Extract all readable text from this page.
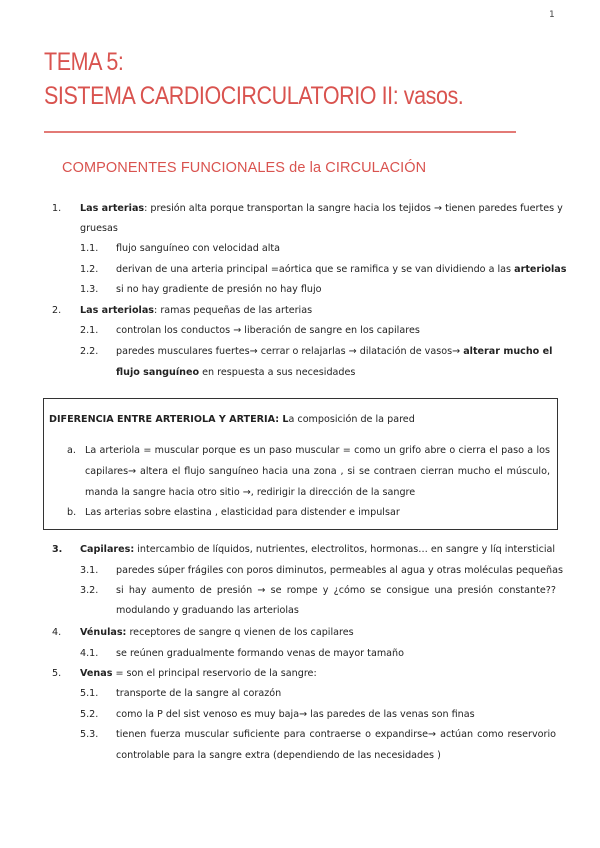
1
TEMA 5:
SISTEMA CARDIOCIRCULATORIO II: vasos.
COMPONENTES FUNCIONALES de la CIRCULACIÓN
1. Las arterias: presión alta porque transportan la sangre hacia los tejidos → tienen paredes fuertes y
gruesas
1.1. flujo sanguíneo con velocidad alta
1.2. derivan de una arteria principal =aórtica que se ramifica y se van dividiendo a las arteriolas
1.3. si no hay gradiente de presión no hay flujo
2. Las arteriolas: ramas pequeñas de las arterias
2.1. controlan los conductos → liberación de sangre en los capilares
2.2. paredes musculares fuertes→ cerrar o relajarlas → dilatación de vasos→ alterar mucho el
flujo sanguíneo en respuesta a sus necesidades
DIFERENCIA ENTRE ARTERIOLA Y ARTERIA: La composición de la pared
a. La arteriola = muscular porque es un paso muscular = como un grifo abre o cierra el paso a los
capilares→ altera el flujo sanguíneo hacia una zona , si se contraen cierran mucho el músculo,
manda la sangre hacia otro sitio →, redirigir la dirección de la sangre
b. Las arterias sobre elastina , elasticidad para distender e impulsar
3. Capilares: intercambio de líquidos, nutrientes, electrolitos, hormonas… en sangre y líq intersticial
3.1. paredes súper frágiles con poros diminutos, permeables al agua y otras moléculas pequeñas
3.2. si hay aumento de presión → se rompe y ¿cómo se consigue una presión constante??
modulando y graduando las arteriolas
4. Vénulas: receptores de sangre q vienen de los capilares
4.1. se reúnen gradualmente formando venas de mayor tamaño
5. Venas = son el principal reservorio de la sangre:
5.1. transporte de la sangre al corazón
5.2. como la P del sist venoso es muy baja→ las paredes de las venas son finas
5.3. tienen fuerza muscular suficiente para contraerse o expandirse→ actúan como reservorio
controlable para la sangre extra (dependiendo de las necesidades )
